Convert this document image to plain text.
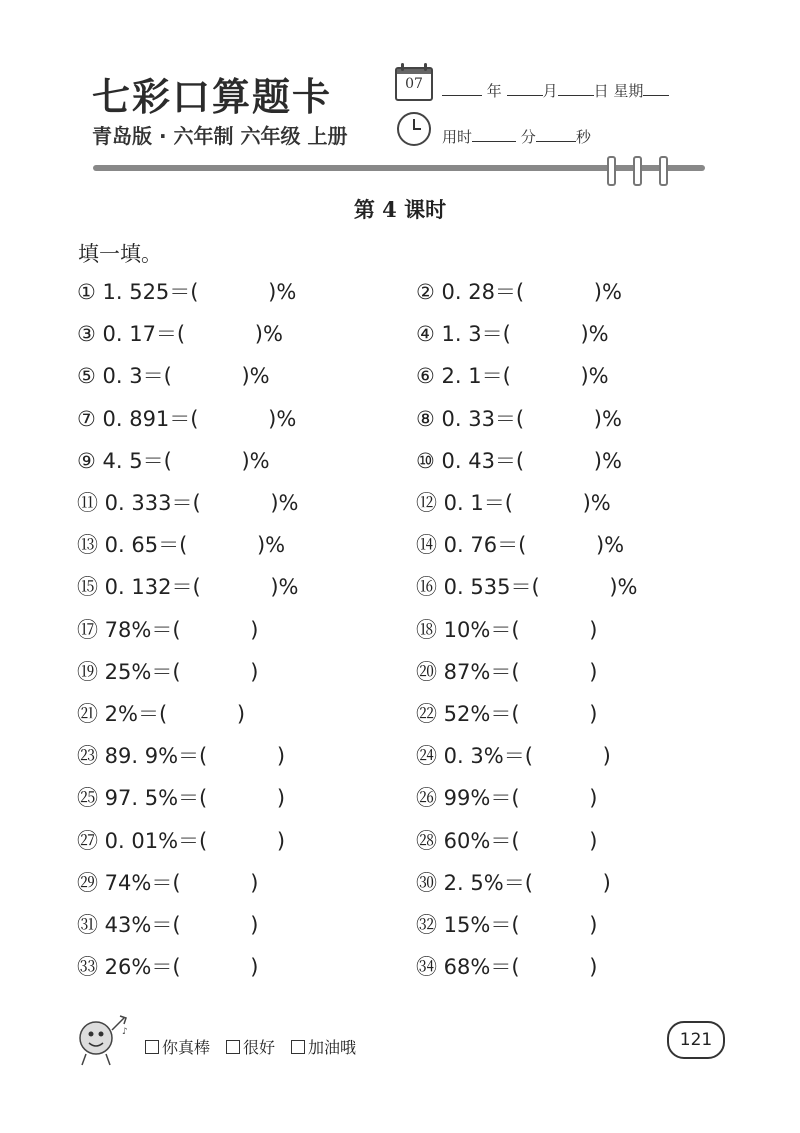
七彩口算题卡
青岛版 · 六年制 六年级 上册
07	年	月 日 星期
用时	分	秒
第 4 课时
填一填。
① 1. 525＝(　　　 )%	② 0. 28＝(　　　 )%
③ 0. 17＝(　　　 )%	④ 1. 3＝(　　　 )%
⑤ 0. 3＝(　　　 )%	⑥ 2. 1＝(　　　 )%
⑦ 0. 891＝(　　　 )%	⑧ 0. 33＝(　　　 )%
⑨ 4. 5＝(　　　 )%	⑩ 0. 43＝(　　　 )%
⑪ 0. 333＝(　　　 )%	⑫ 0. 1＝(　　　 )%
⑬ 0. 65＝(　　　 )%	⑭ 0. 76＝(　　　 )%
⑮ 0. 132＝(　　　 )%	⑯ 0. 535＝(　　　 )%
⑰ 78%＝(　　　 )	⑱ 10%＝(　　　 )
⑲ 25%＝(　　　 )	⑳ 87%＝(　　　 )
㉑ 2%＝(　　　 )	㉒ 52%＝(　　　 )
㉓ 89. 9%＝(　　　 )	㉔ 0. 3%＝(　　　 )
㉕ 97. 5%＝(　　　 )	㉖ 99%＝(　　　 )
㉗ 0. 01%＝(　　　 )	㉘ 60%＝(　　　 )
㉙ 74%＝(　　　 )	㉚ 2. 5%＝(　　　 )
㉛ 43%＝(　　　 )	㉜ 15%＝(　　　 )
㉝ 26%＝(　　　 )	㉞ 68%＝(　　　 )
♪
你真棒 很好 加油哦	121
